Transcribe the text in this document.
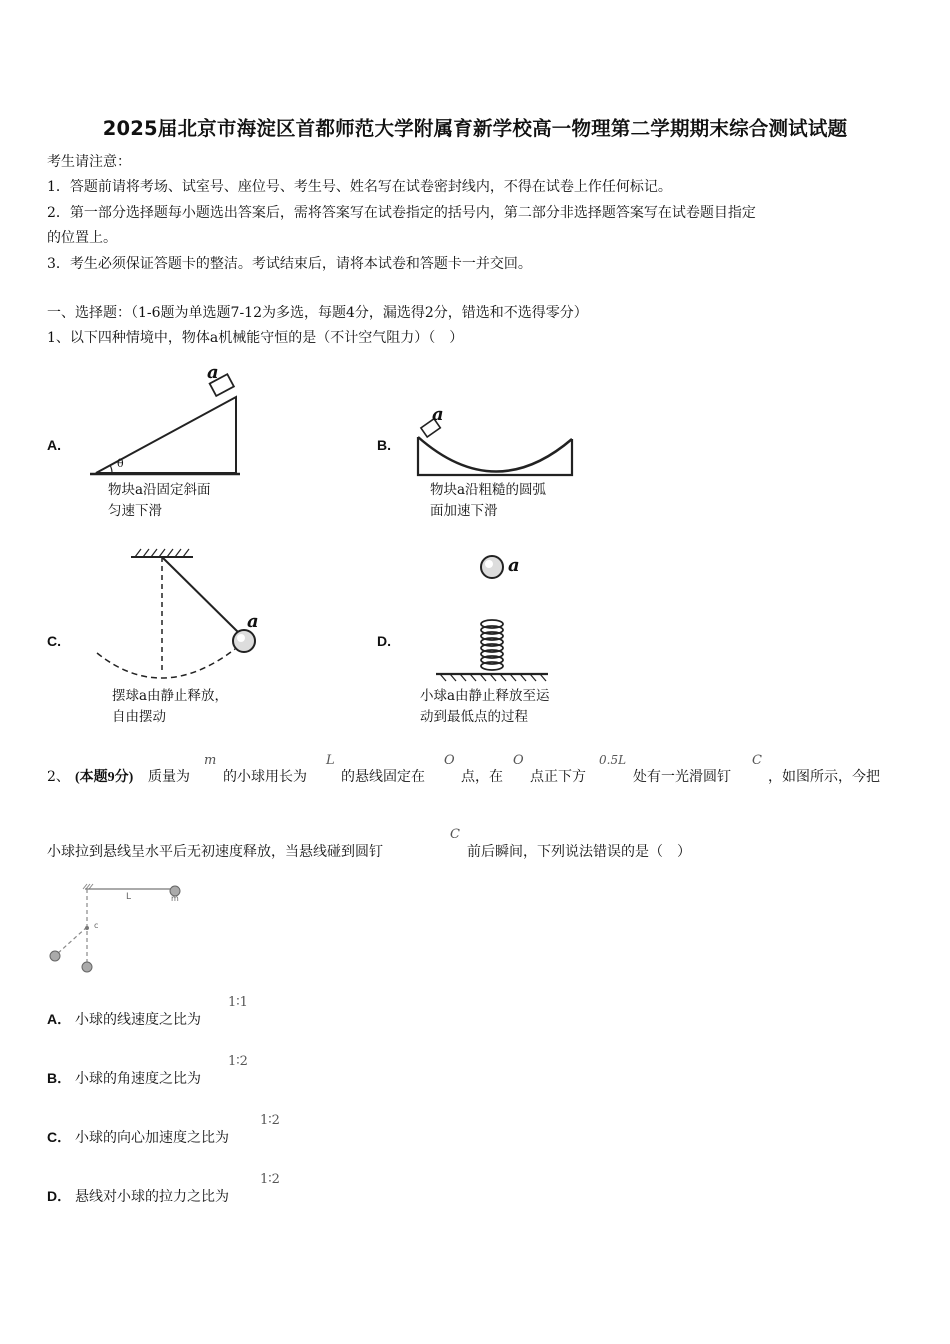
2025届北京市海淀区首都师范大学附属育新学校高一物理第二学期期末综合测试试题
考生请注意：
1．答题前请将考场、试室号、座位号、考生号、姓名写在试卷密封线内，不得在试卷上作任何标记。
2．第一部分选择题每小题选出答案后，需将答案写在试卷指定的括号内，第二部分非选择题答案写在试卷题目指定
的位置上。
3．考生必须保证答题卡的整洁。考试结束后，请将本试卷和答题卡一并交回。
一、选择题：（1-6题为单选题7-12为多选，每题4分，漏选得2分，错选和不选得零分）
1、以下四种情境中，物体a机械能守恒的是（不计空气阻力）（　）
A.
a
θ
物块a沿固定斜面
匀速下滑
B.
a
物块a沿粗糙的圆弧
面加速下滑
C.
a
摆球a由静止释放，
自由摆动
D.
a
小球a由静止释放至运
动到最低点的过程
2、 (本题9分) 质量为
m
的小球用长为
L
的悬线固定在
O
点，在
O
点正下方
0.5L
处有一光滑圆钉
C
，如图所示，今把
小球拉到悬线呈水平后无初速度释放，当悬线碰到圆钉
C
前后瞬间，下列说法错误的是（　）
L	m
c
A． 小球的线速度之比为
1∶1
B． 小球的角速度之比为
1∶2
C． 小球的向心加速度之比为
1∶2
D． 悬线对小球的拉力之比为
1∶2
